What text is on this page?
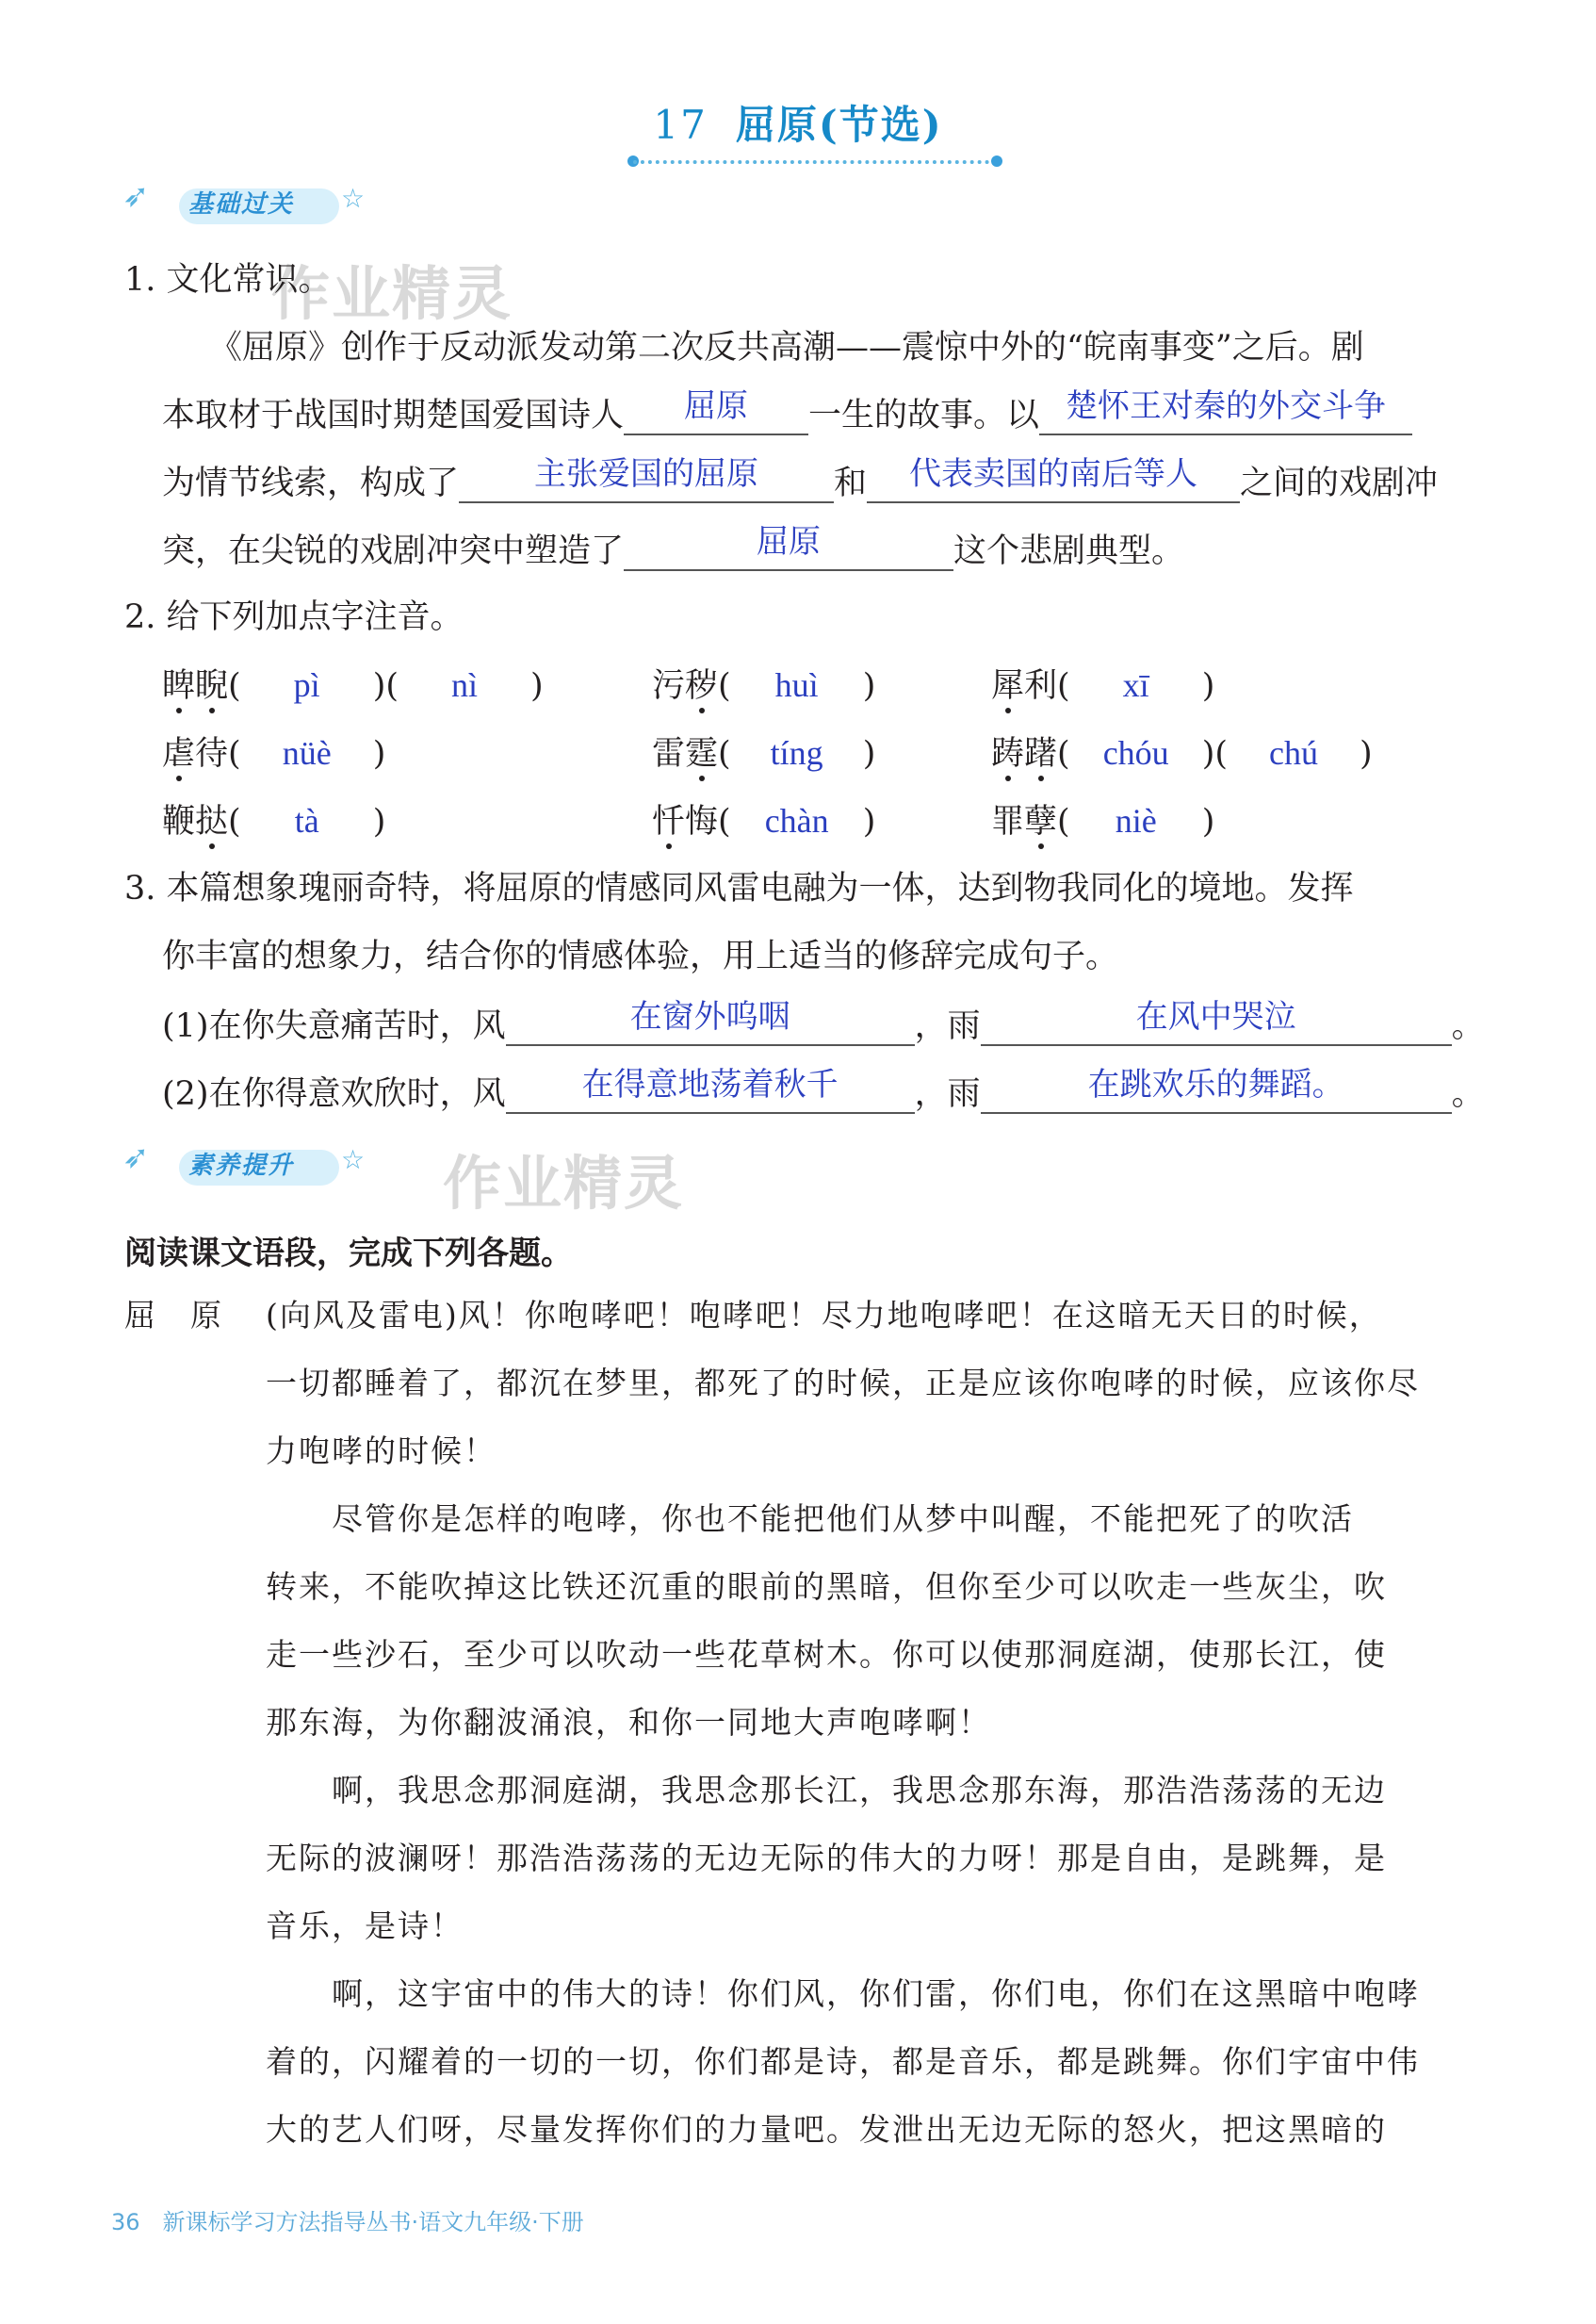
17 屈原(节选)
➶ 基础过关 ☆
作业精灵
1. 文化常识。
《屈原》创作于反动派发动第二次反共高潮——震惊中外的“皖南事变”之后。剧
本取材于战国时期楚国爱国诗人 屈原 一生的故事。以 楚怀王对秦的外交斗争
为情节线索，构成了 主张爱国的屈原 和 代表卖国的南后等人 之间的戏剧冲
突，在尖锐的戏剧冲突中塑造了	屈原	这个悲剧典型。
2. 给下列加点字注音。
睥睨( pì )( nì )	污秽( huì )	犀利( xī )
虐待( nüè )	雷霆( tíng )	踌躇( chóu )( chú )
鞭挞( tà )	忏悔( chàn )	罪孽( niè )
3. 本篇想象瑰丽奇特，将屈原的情感同风雷电融为一体，达到物我同化的境地。发挥
你丰富的想象力，结合你的情感体验，用上适当的修辞完成句子。
(1)在你失意痛苦时，风	在窗外呜咽	，雨	在风中哭泣	。
(2)在你得意欢欣时，风 在得意地荡着秋千 ，雨	在跳欢乐的舞蹈。	。
➶ 素养提升 ☆ 作业精灵
阅读课文语段，完成下列各题。
屈　原 (向风及雷电)风！你咆哮吧！咆哮吧！尽力地咆哮吧！在这暗无天日的时候，
一切都睡着了，都沉在梦里，都死了的时候，正是应该你咆哮的时候，应该你尽
力咆哮的时候！
　　尽管你是怎样的咆哮，你也不能把他们从梦中叫醒，不能把死了的吹活
转来，不能吹掉这比铁还沉重的眼前的黑暗，但你至少可以吹走一些灰尘，吹
走一些沙石，至少可以吹动一些花草树木。你可以使那洞庭湖，使那长江，使
那东海，为你翻波涌浪，和你一同地大声咆哮啊！
　　啊，我思念那洞庭湖，我思念那长江，我思念那东海，那浩浩荡荡的无边
无际的波澜呀！那浩浩荡荡的无边无际的伟大的力呀！那是自由，是跳舞，是
音乐，是诗！
　　啊，这宇宙中的伟大的诗！你们风，你们雷，你们电，你们在这黑暗中咆哮
着的，闪耀着的一切的一切，你们都是诗，都是音乐，都是跳舞。你们宇宙中伟
大的艺人们呀，尽量发挥你们的力量吧。发泄出无边无际的怒火，把这黑暗的
36　新课标学习方法指导丛书·语文九年级·下册
